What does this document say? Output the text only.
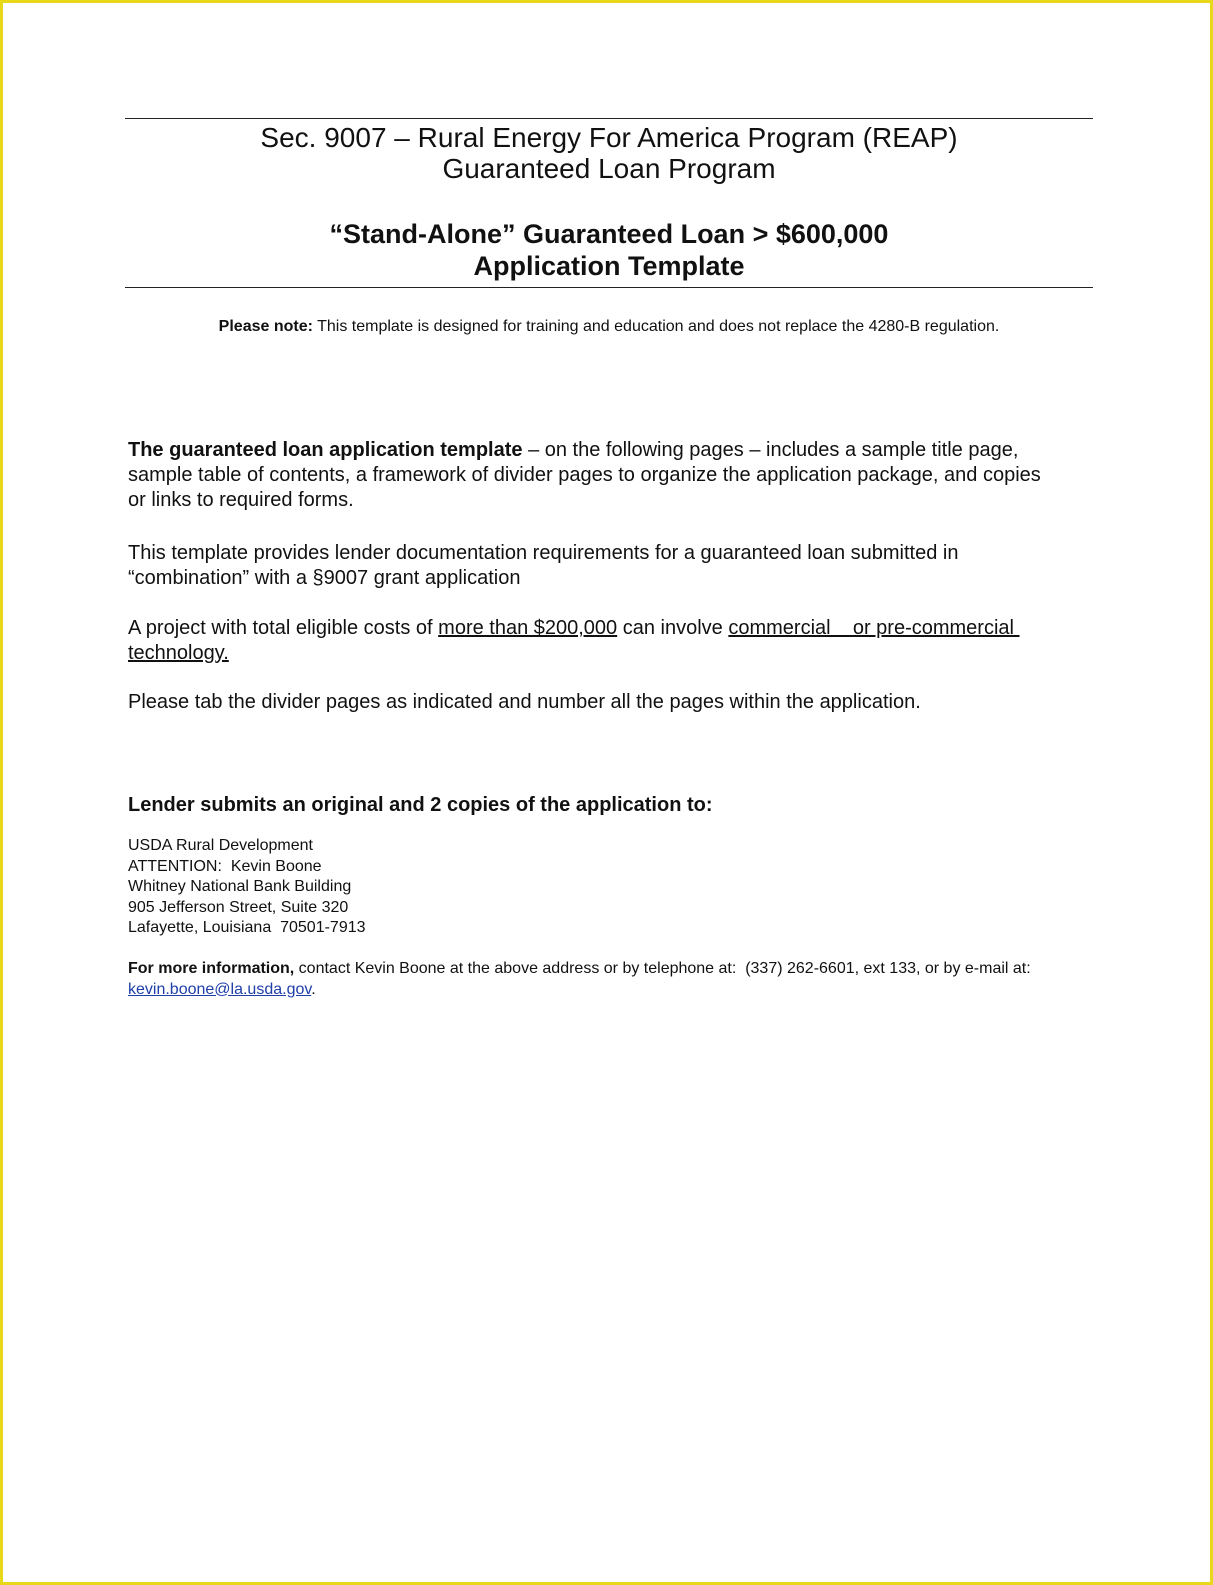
Sec. 9007 – Rural Energy For America Program (REAP)
Guaranteed Loan Program
“Stand-Alone” Guaranteed Loan > $600,000
Application Template
Please note: This template is designed for training and education and does not replace the 4280-B regulation.
The guaranteed loan application template – on the following pages – includes a sample title page, sample table of contents, a framework of divider pages to organize the application package, and copies or links to required forms.
This template provides lender documentation requirements for a guaranteed loan submitted in “combination” with a §9007 grant application
A project with total eligible costs of more than $200,000 can involve commercial    or pre-commercial technology.
Please tab the divider pages as indicated and number all the pages within the application.
Lender submits an original and 2 copies of the application to:
USDA Rural Development
ATTENTION:  Kevin Boone
Whitney National Bank Building
905 Jefferson Street, Suite 320
Lafayette, Louisiana  70501-7913
For more information, contact Kevin Boone at the above address or by telephone at:  (337) 262-6601, ext 133, or by e-mail at:  kevin.boone@la.usda.gov.
